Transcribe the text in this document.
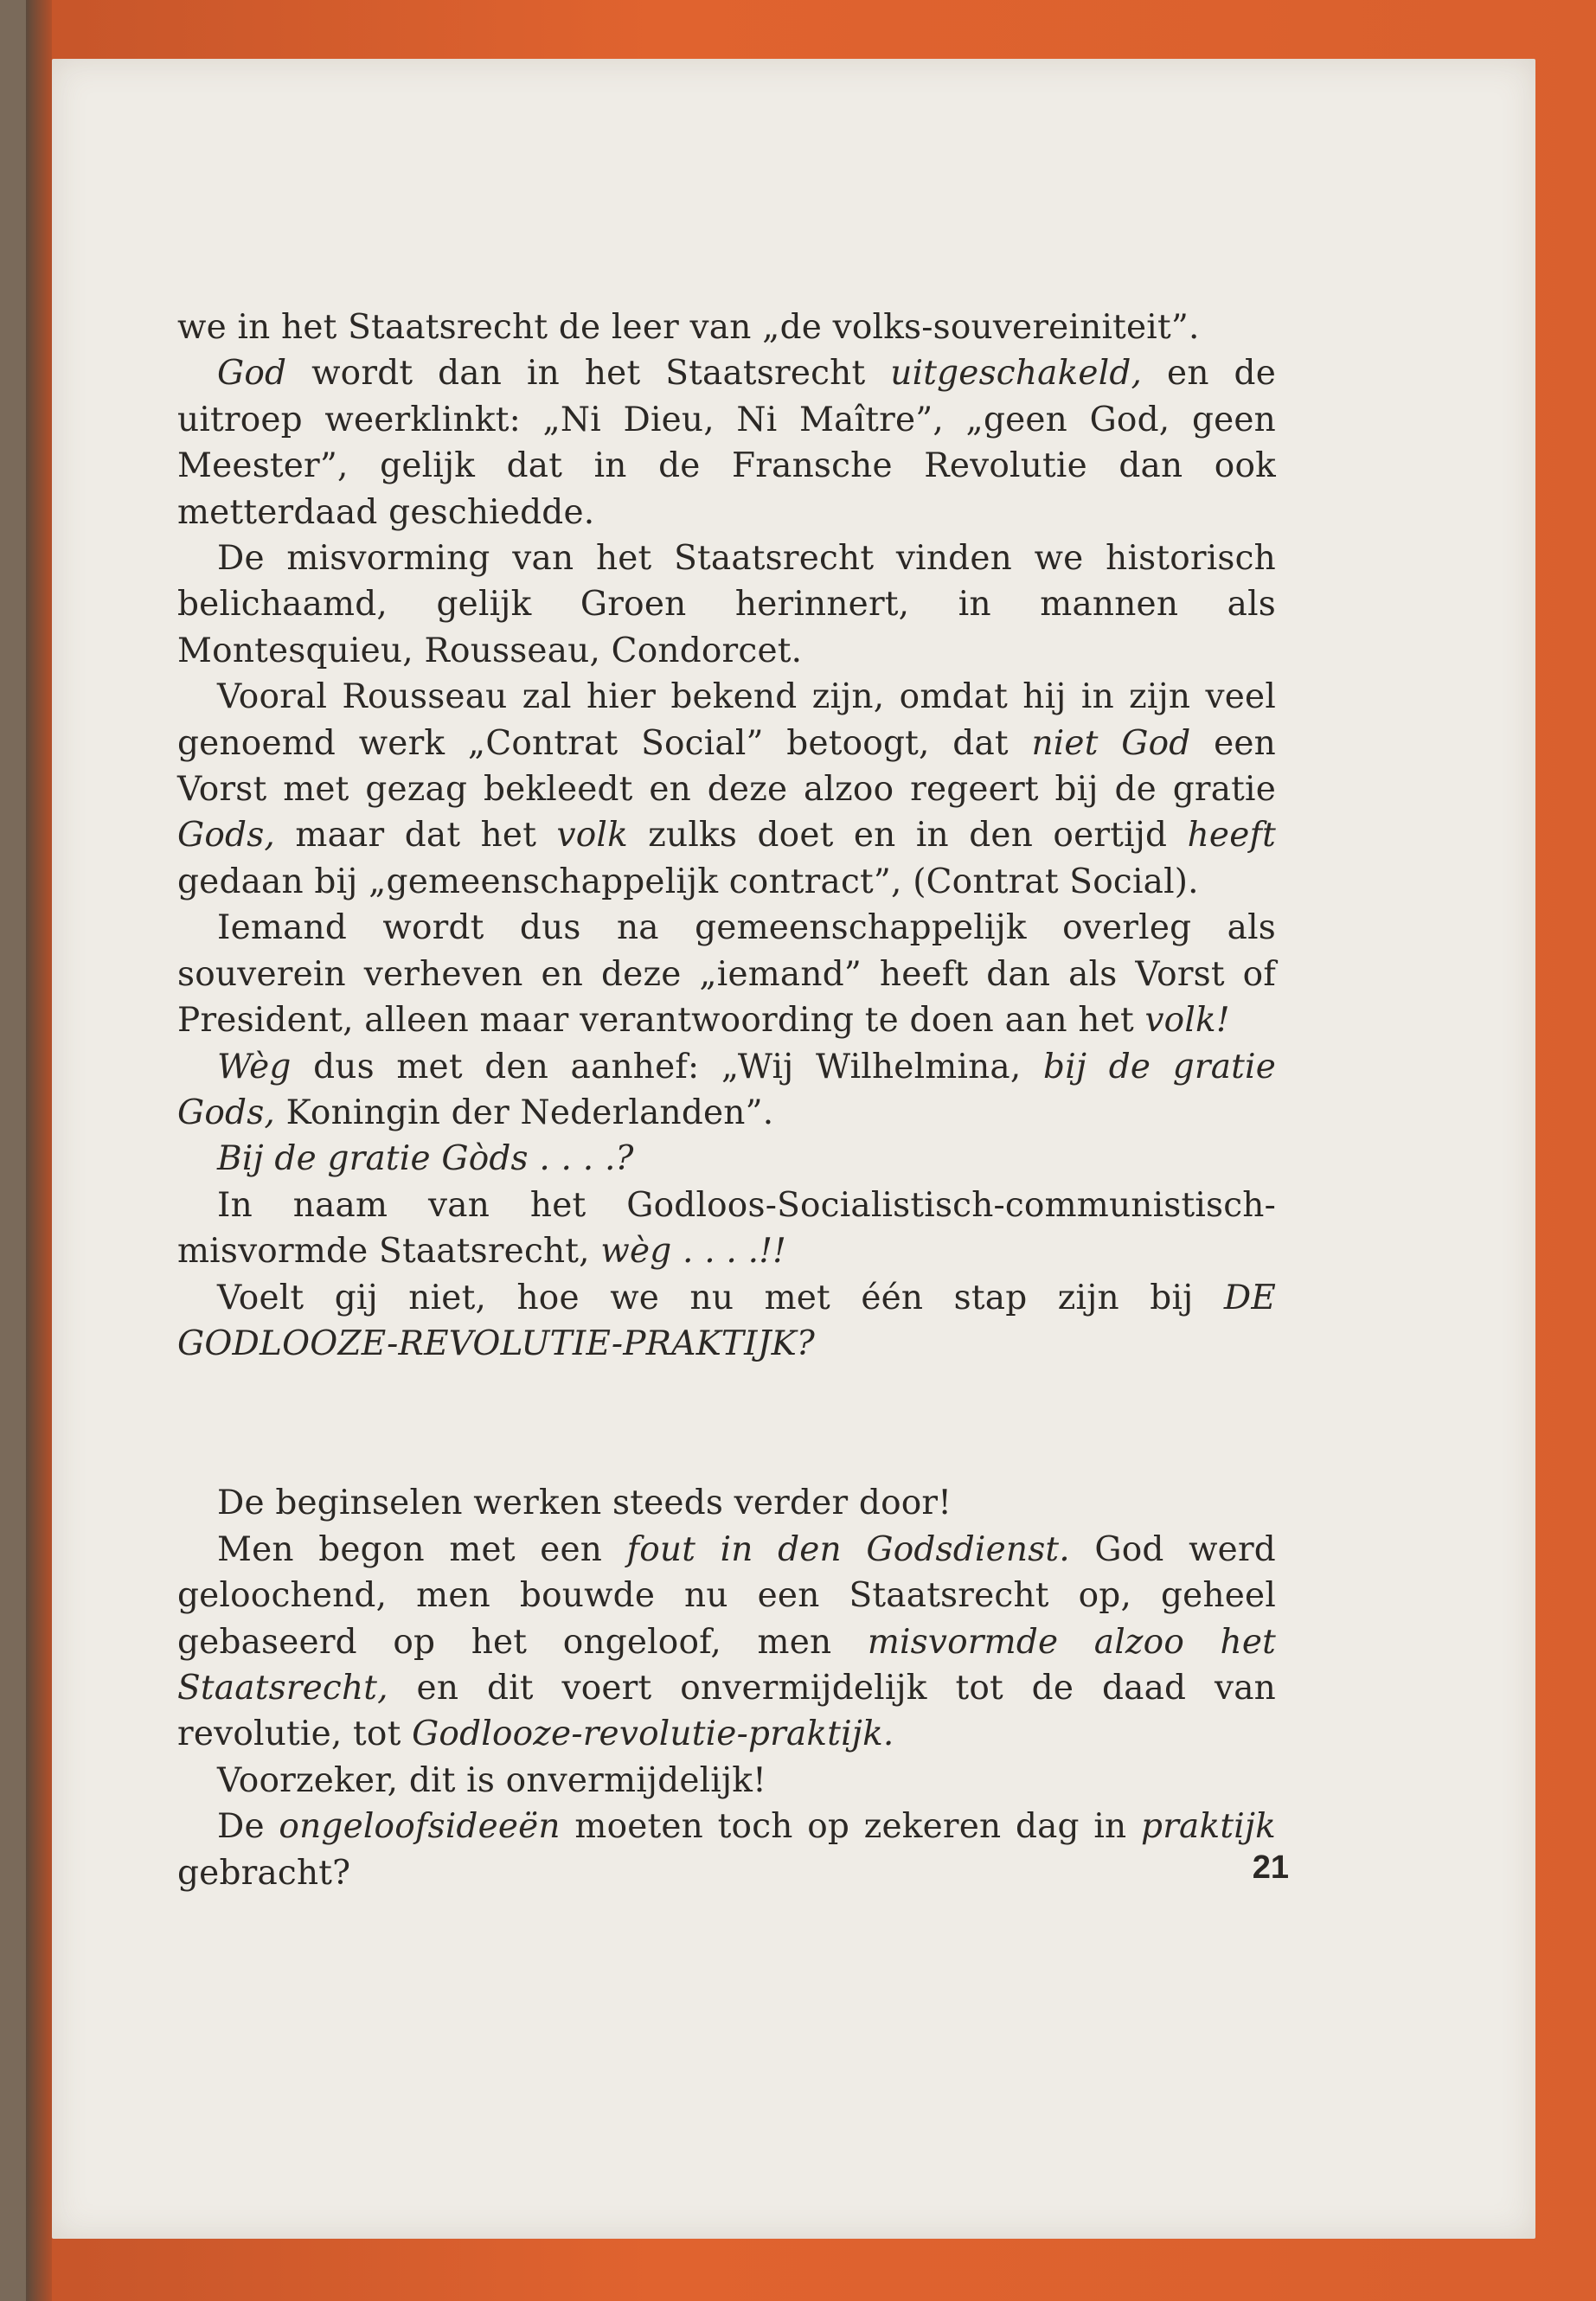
we in het Staatsrecht de leer van „de volks-souvereiniteit”.

God wordt dan in het Staatsrecht uitgeschakeld, en de uitroep weerklinkt: „Ni Dieu, Ni Maître”, „geen God, geen Meester”, gelijk dat in de Fransche Revolutie dan ook metterdaad geschiedde.

De misvorming van het Staatsrecht vinden we historisch belichaamd, gelijk Groen herinnert, in mannen als Montesquieu, Rousseau, Condorcet.

Vooral Rousseau zal hier bekend zijn, omdat hij in zijn veel genoemd werk „Contrat Social” betoogt, dat niet God een Vorst met gezag bekleedt en deze alzoo regeert bij de gratie Gods, maar dat het volk zulks doet en in den oertijd heeft gedaan bij „gemeenschappelijk contract”, (Contrat Social).

Iemand wordt dus na gemeenschappelijk overleg als souverein verheven en deze „iemand” heeft dan als Vorst of President, alleen maar verantwoording te doen aan het volk!

Wèg dus met den aanhef: „Wij Wilhelmina, bij de gratie Gods, Koningin der Nederlanden”.

Bij de gratie Gòds . . . .?

In naam van het Godloos-Socialistisch-communistisch-misvormde Staatsrecht, wèg . . . .!!

Voelt gij niet, hoe we nu met één stap zijn bij DE GODLOOZE-REVOLUTIE-PRAKTIJK?

De beginselen werken steeds verder door!

Men begon met een fout in den Godsdienst. God werd geloochend, men bouwde nu een Staatsrecht op, geheel gebaseerd op het ongeloof, men misvormde alzoo het Staatsrecht, en dit voert onvermijdelijk tot de daad van revolutie, tot Godlooze-revolutie-praktijk.

Voorzeker, dit is onvermijdelijk!

De ongeloofsideeën moeten toch op zekeren dag in praktijk gebracht?	21
